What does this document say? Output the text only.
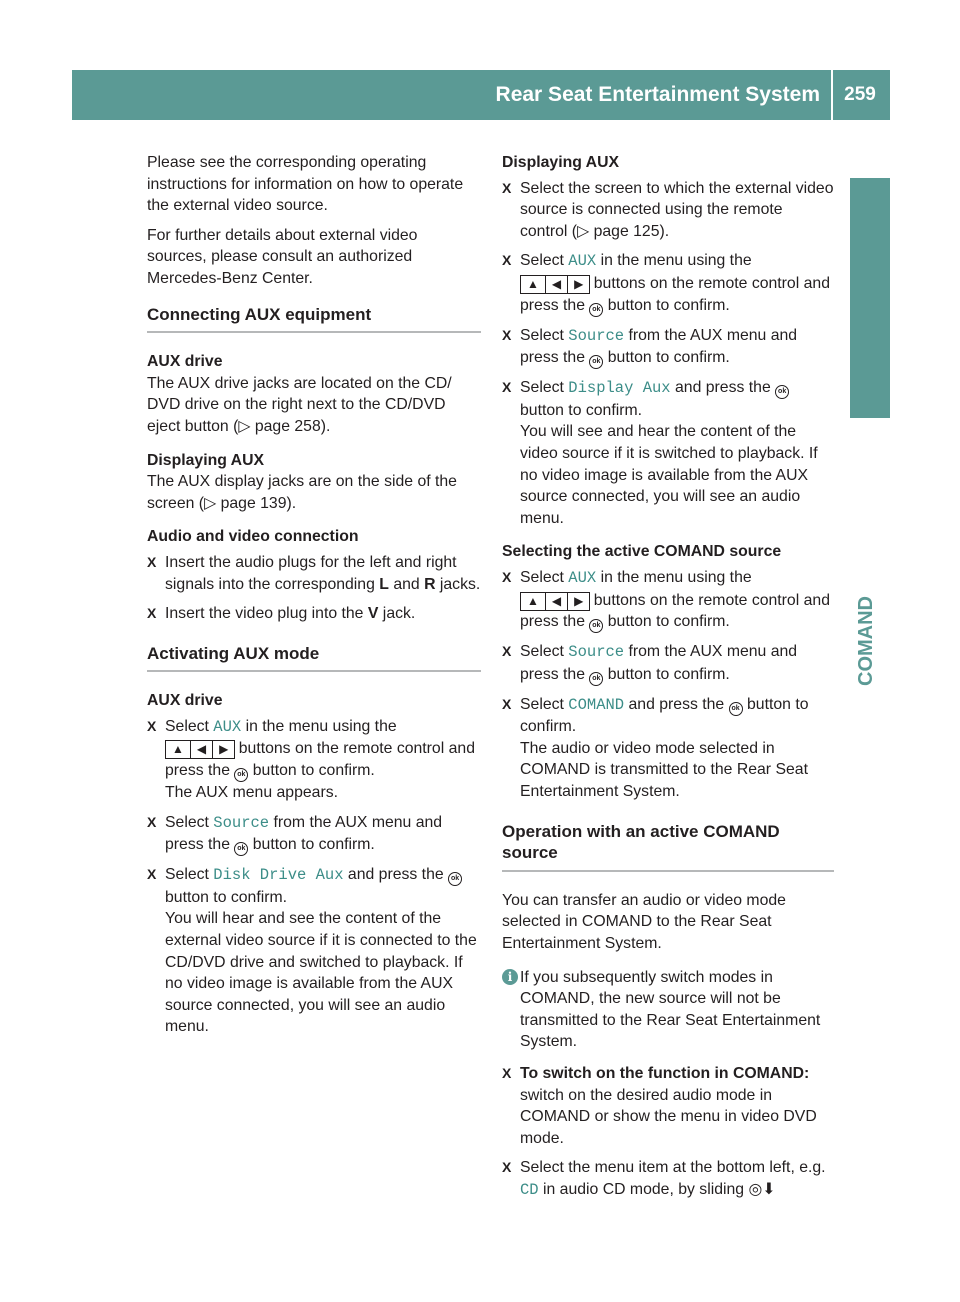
Rear Seat Entertainment System	259
COMAND

Please see the corresponding operating instructions for information on how to operate the external video source.

For further details about external video sources, please consult an authorized Mercedes-Benz Center.

Connecting AUX equipment

AUX drive

The AUX drive jacks are located on the CD/ DVD drive on the right next to the CD/DVD eject button (▷ page 258).

Displaying AUX

The AUX display jacks are on the side of the screen (▷ page 139).

Audio and video connection

X Insert the audio plugs for the left and right signals into the corresponding L and R jacks.
X Insert the video plug into the V jack.
Activating AUX mode

AUX drive

X Select AUX in the menu using the
▲ ◀ ▶ buttons on the remote control and press the ok button to confirm.
The AUX menu appears.
X Select Source from the AUX menu and press the ok button to confirm.
X Select Disk Drive Aux and press the ok button to confirm.
You will hear and see the content of the external video source if it is connected to the CD/DVD drive and switched to playback. If no video image is available from the AUX source connected, you will see an audio menu.

Displaying AUX

X Select the screen to which the external video source is connected using the remote control (▷ page 125).
X Select AUX in the menu using the
▲ ◀ ▶ buttons on the remote control and press the ok button to confirm.
X Select Source from the AUX menu and press the ok button to confirm.
X Select Display Aux and press the ok button to confirm.
You will see and hear the content of the video source if it is switched to playback. If no video image is available from the AUX source connected, you will see an audio menu.

Selecting the active COMAND source

X Select AUX in the menu using the
▲ ◀ ▶ buttons on the remote control and press the ok button to confirm.
X Select Source from the AUX menu and press the ok button to confirm.
X Select COMAND and press the ok button to confirm.
The audio or video mode selected in COMAND is transmitted to the Rear Seat Entertainment System.
Operation with an active COMAND source

You can transfer an audio or video mode selected in COMAND to the Rear Seat Entertainment System.

i If you subsequently switch modes in COMAND, the new source will not be transmitted to the Rear Seat Entertainment System.
X To switch on the function in COMAND: switch on the desired audio mode in COMAND or show the menu in video DVD mode.
X Select the menu item at the bottom left, e.g. CD in audio CD mode, by sliding ◎⬇
